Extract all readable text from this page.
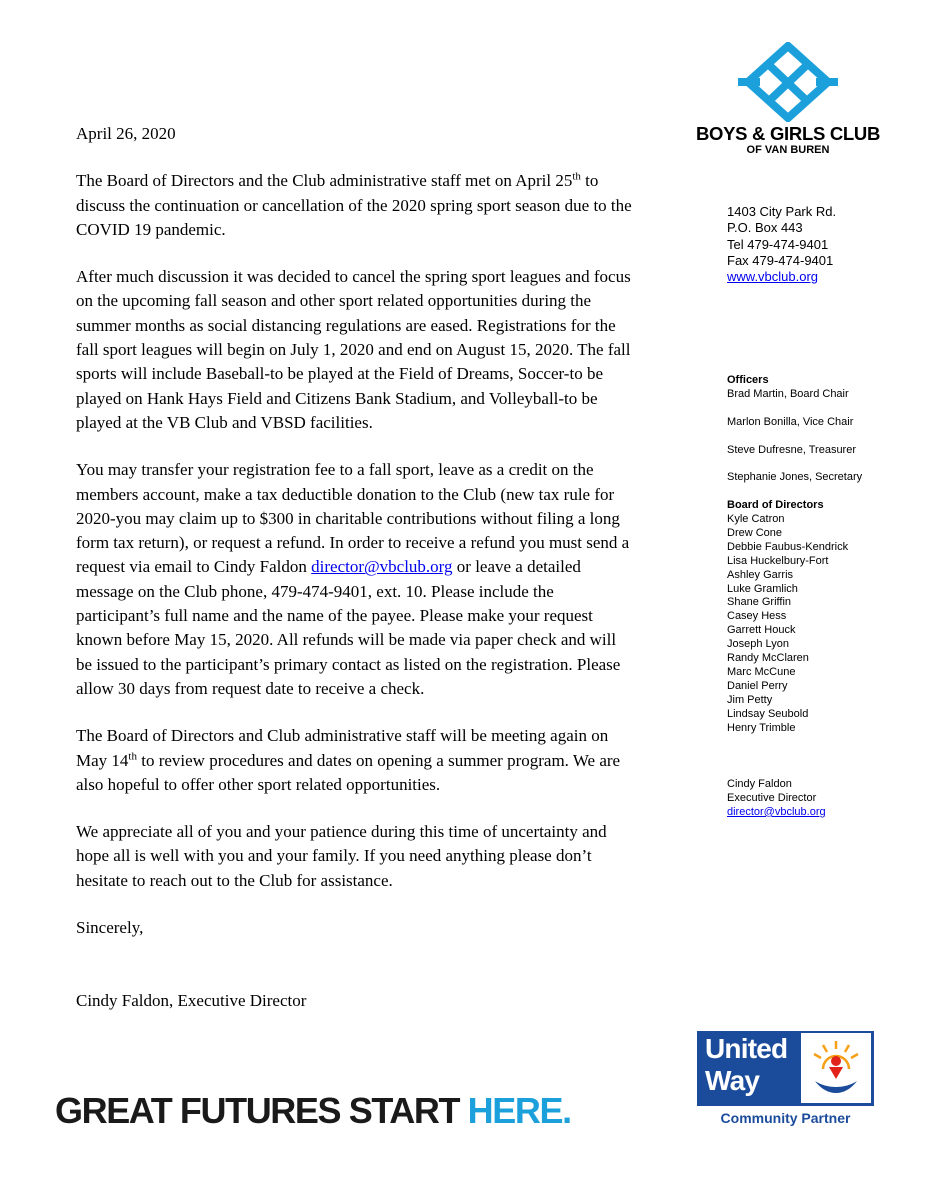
BOYS & GIRLS CLUB
OF VAN BUREN
1403 City Park Rd.
P.O. Box 443
Tel 479-474-9401
Fax 479-474-9401
www.vbclub.org
Officers
Brad Martin, Board Chair
Marlon Bonilla, Vice Chair
Steve Dufresne, Treasurer
Stephanie Jones, Secretary
Board of Directors
Kyle Catron
Drew Cone
Debbie Faubus-Kendrick
Lisa Huckelbury-Fort
Ashley Garris
Luke Gramlich
Shane Griffin
Casey Hess
Garrett Houck
Joseph Lyon
Randy McClaren
Marc McCune
Daniel Perry
Jim Petty
Lindsay Seubold
Henry Trimble
Cindy Faldon
Executive Director
director@vbclub.org

April 26, 2020

The Board of Directors and the Club administrative staff met on April 25th to discuss the continuation or cancellation of the 2020 spring sport season due to the COVID 19 pandemic.

After much discussion it was decided to cancel the spring sport leagues and focus on the upcoming fall season and other sport related opportunities during the summer months as social distancing regulations are eased. Registrations for the fall sport leagues will begin on July 1, 2020 and end on August 15, 2020. The fall sports will include Baseball-to be played at the Field of Dreams, Soccer-to be played on Hank Hays Field and Citizens Bank Stadium, and Volleyball-to be played at the VB Club and VBSD facilities.

You may transfer your registration fee to a fall sport, leave as a credit on the members account, make a tax deductible donation to the Club (new tax rule for 2020-you may claim up to $300 in charitable contributions without filing a long form tax return), or request a refund. In order to receive a refund you must send a request via email to Cindy Faldon director@vbclub.org or leave a detailed message on the Club phone, 479-474-9401, ext. 10. Please include the participant’s full name and the name of the payee. Please make your request known before May 15, 2020. All refunds will be made via paper check and will be issued to the participant’s primary contact as listed on the registration. Please allow 30 days from request date to receive a check.

The Board of Directors and Club administrative staff will be meeting again on May 14th to review procedures and dates on opening a summer program. We are also hopeful to offer other sport related opportunities.

We appreciate all of you and your patience during this time of uncertainty and hope all is well with you and your family. If you need anything please don’t hesitate to reach out to the Club for assistance.

Sincerely,

Cindy Faldon, Executive Director

GREAT FUTURES START HERE.
United
Way
Community Partner
